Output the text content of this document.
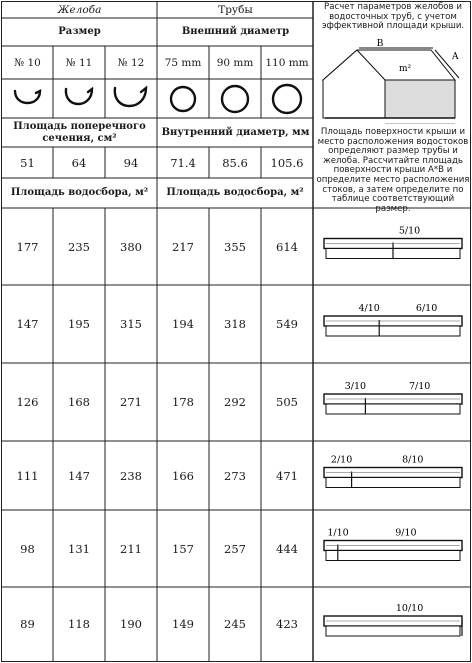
Желоба	Трубы
Размер	Внешний диаметр
№ 10	№ 11	№ 12	75 mm	90 mm	110 mm
Площадь поперечного сечения, см²
Внутренний диаметр, мм
51	64	94	71.4	85.6	105.6
Площадь водосбора, м²	Площадь водосбора, м²
Расчет параметров желобов и водосточных труб, с учетом эффективной площади крыши.
B
A
m²
Площадь поверхности крыши и место расположения водостоков определяют размер трубы и желоба. Рассчитайте площадь поверхности крыши A*B и определите место расположения стоков, а затем определите по таблице соответствующий размер.
177	235	380	217	355	614
5/10
147	195	315	194	318	549
4/10	6/10
126	168	271	178	292	505
3/10	7/10
111	147	238	166	273	471
2/10	8/10
98	131	211	157	257	444
1/10	9/10
89	118	190	149	245	423
10/10
